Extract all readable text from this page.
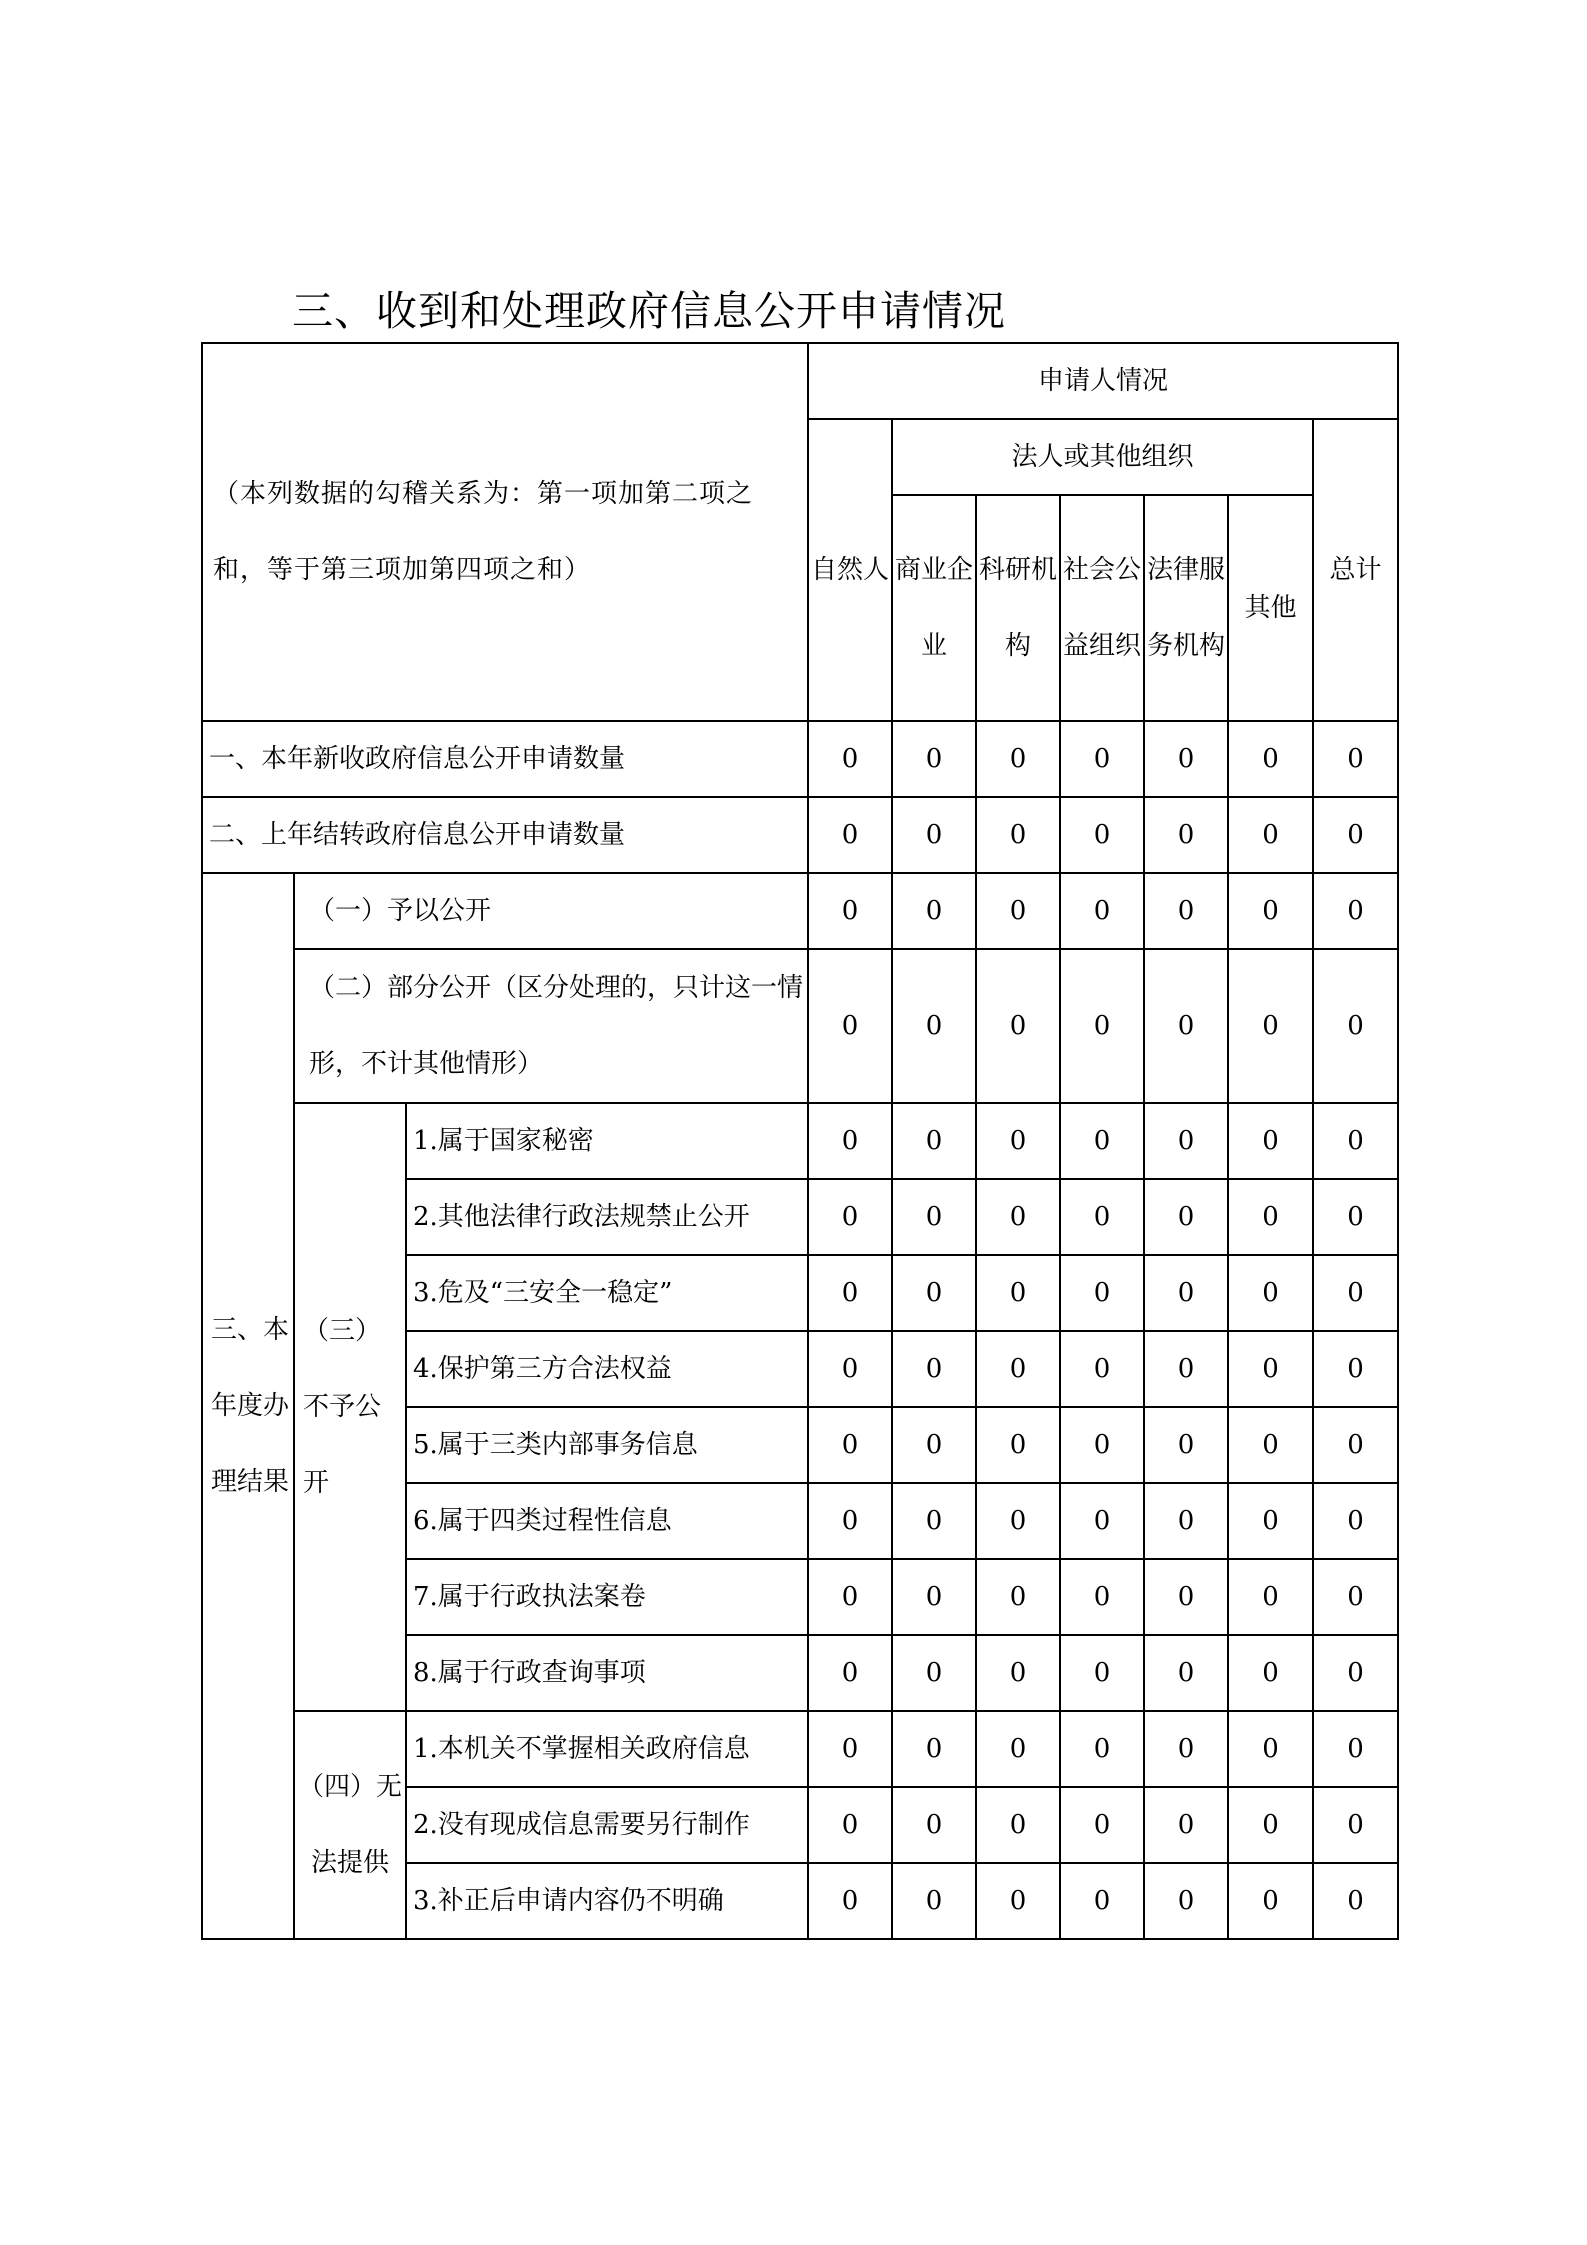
三、收到和处理政府信息公开申请情况
（本列数据的勾稽关系为：第一项加第二项之和，等于第三项加第四项之和）			申请人情况						
			自然人	法人或其他组织					总计
				商业企业	科研机构	社会公益组织	法律服务机构	其他	
一、本年新收政府信息公开申请数量			0	0	0	0	0	0	0
二、上年结转政府信息公开申请数量			0	0	0	0	0	0	0
三、本年度办理结果	（一）予以公开		0	0	0	0	0	0	0
	（二）部分公开（区分处理的，只计这一情形，不计其他情形）		0	0	0	0	0	0	0
	（三）不予公开	1.属于国家秘密	0	0	0	0	0	0	0
		2.其他法律行政法规禁止公开	0	0	0	0	0	0	0
		3.危及“三安全一稳定”	0	0	0	0	0	0	0
		4.保护第三方合法权益	0	0	0	0	0	0	0
		5.属于三类内部事务信息	0	0	0	0	0	0	0
		6.属于四类过程性信息	0	0	0	0	0	0	0
		7.属于行政执法案卷	0	0	0	0	0	0	0
		8.属于行政查询事项	0	0	0	0	0	0	0
	（四）无法提供	1.本机关不掌握相关政府信息	0	0	0	0	0	0	0
		2.没有现成信息需要另行制作	0	0	0	0	0	0	0
		3.补正后申请内容仍不明确	0	0	0	0	0	0	0
